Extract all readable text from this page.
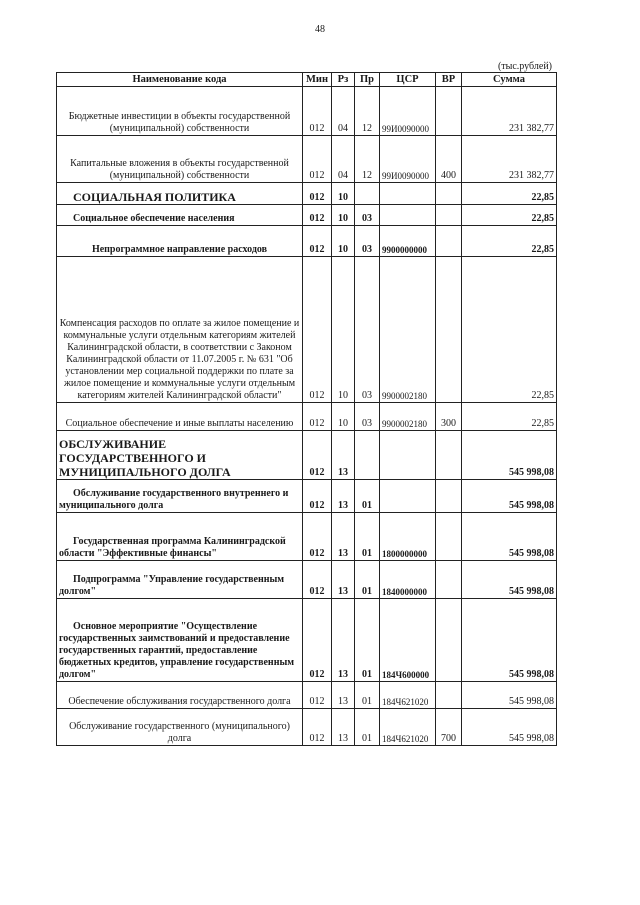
48
(тыс.рублей)
Наименование кода	Мин	Рз	Пр	ЦСР	ВР	Сумма
Бюджетные инвестиции в объекты государственной (муниципальной) собственности	012	04	12	99И0090000		231 382,77
Капитальные вложения в объекты государственной (муниципальной) собственности	012	04	12	99И0090000	400	231 382,77
СОЦИАЛЬНАЯ ПОЛИТИКА	012	10				22,85
Социальное обеспечение населения	012	10	03			22,85
Непрограммное направление расходов	012	10	03	9900000000		22,85
Компенсация расходов по оплате за жилое помещение и коммунальные услуги отдельным категориям жителей Калининградской области, в соответствии с Законом Калининградской области от 11.07.2005 г. № 631 "Об установлении мер социальной поддержки по плате за жилое помещение и коммунальные услуги отдельным категориям жителей Калининградской области"	012	10	03	9900002180		22,85
Социальное обеспечение и иные выплаты населению	012	10	03	9900002180	300	22,85
ОБСЛУЖИВАНИЕ ГОСУДАРСТВЕННОГО И МУНИЦИПАЛЬНОГО ДОЛГА	012	13				545 998,08
Обслуживание государственного внутреннего и муниципального долга	012	13	01			545 998,08
Государственная программа Калининградской области "Эффективные финансы"	012	13	01	1800000000		545 998,08
Подпрограмма "Управление государственным долгом"	012	13	01	1840000000		545 998,08
Основное мероприятие "Осуществление государственных заимствований и предоставление государственных гарантий, предоставление бюджетных кредитов, управление государственным долгом"	012	13	01	184Ч600000		545 998,08
Обеспечение обслуживания государственного долга	012	13	01	184Ч621020		545 998,08
Обслуживание государственного (муниципального) долга	012	13	01	184Ч621020	700	545 998,08
